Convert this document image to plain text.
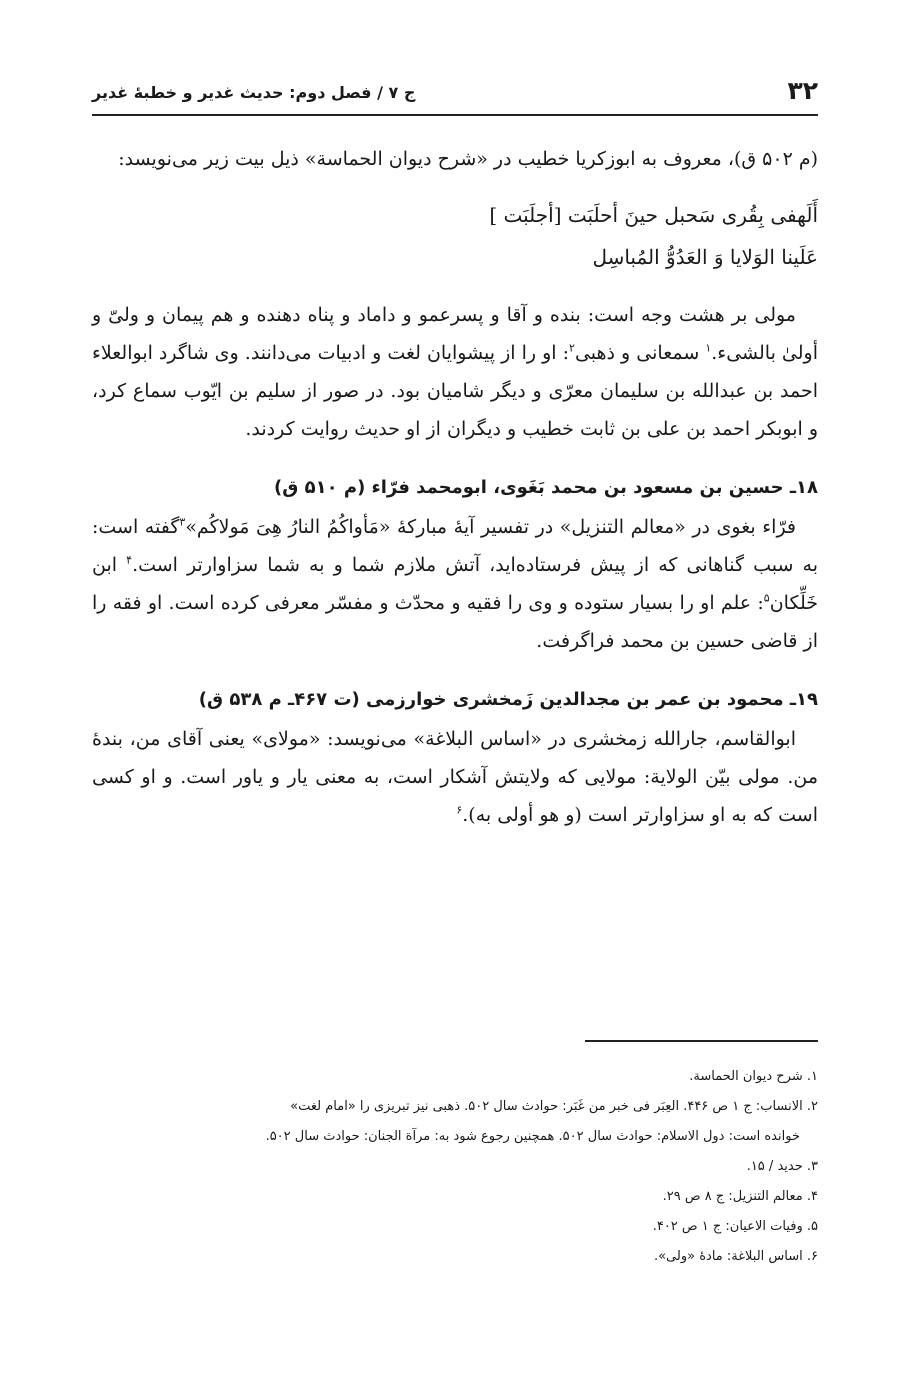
۳۲
ج ۷ / فصل دوم: حدیث غدیر و خطبهٔ غدیر

(م ۵۰۲ ق)، معروف به ابوزکریا خطیب در «شرح دیوان الحماسة» ذیل بیت زیر می‌نویسد:

أَلَهفی بِقُری سَحبل حینَ أحلَبَت [أجلَبَت ]

عَلَینا الوَلایا وَ العَدُوُّ المُباسِل

مولی بر هشت وجه است: بنده و آقا و پسرعمو و داماد و پناه دهنده و هم پیمان و ولیّ و أولیٰ بالشیء.$^۱$ سمعانی و ذهبی$^۲$: او را از پیشوایان لغت و ادبیات می‌دانند. وی شاگرد ابوالعلاء احمد بن عبدالله بن سلیمان معرّی و دیگر شامیان بود. در صور از سلیم بن ایّوب سماع کرد، و ابوبکر احمد بن علی بن ثابت خطیب و دیگران از او حدیث روایت کردند.

۱۸ـ حسین بن مسعود بن محمد بَغَوی، ابومحمد فرّاء (م ۵۱۰ ق)

فرّاء بغوی در «معالم التنزیل» در تفسیر آیهٔ مبارکهٔ «مَأواكُمُ النارُ هِیَ مَولاكُم»$^۳$گفته است: به سبب گناهانی که از پیش فرستاده‌اید، آتش ملازم شما و به شما سزاوارتر است.$^۴$ ابن خَلِّکان$^۵$: علم او را بسیار ستوده و وی را فقیه و محدّث و مفسّر معرفی کرده است. او فقه را از قاضی حسین بن محمد فراگرفت.

۱۹ـ محمود بن عمر بن مجدالدین زَمخشری خوارزمی (ت ۴۶۷ـ م ۵۳۸ ق)

ابوالقاسم، جارالله زمخشری در «اساس البلاغة» می‌نویسد: «مولای» یعنی آقای من، بندهٔ من. مولی بیّن الولایة: مولایی که ولایتش آشکار است، به معنی یار و یاور است. و او کسی است که به او سزاوارتر است (و هو أولی به).$^۶$

۱. شرح دیوان الحماسة.

۲. الانساب: ج ۱ ص ۴۴۶. العِبَر فی خبر من غَبَر: حوادث سال ۵۰۲. ذهبی نیز تبریزی را «امام لغت»

خوانده است: دول الاسلام: حوادث سال ۵۰۲. همچنین رجوع شود به: مرآة الجنان: حوادث سال ۵۰۲.

۳. حدید / ۱۵.

۴. معالم التنزیل: ج ۸ ص ۲۹.

۵. وفیات الاعیان: ج ۱ ص ۴۰۲.

۶. اساس البلاغة: مادهٔ «ولی».
